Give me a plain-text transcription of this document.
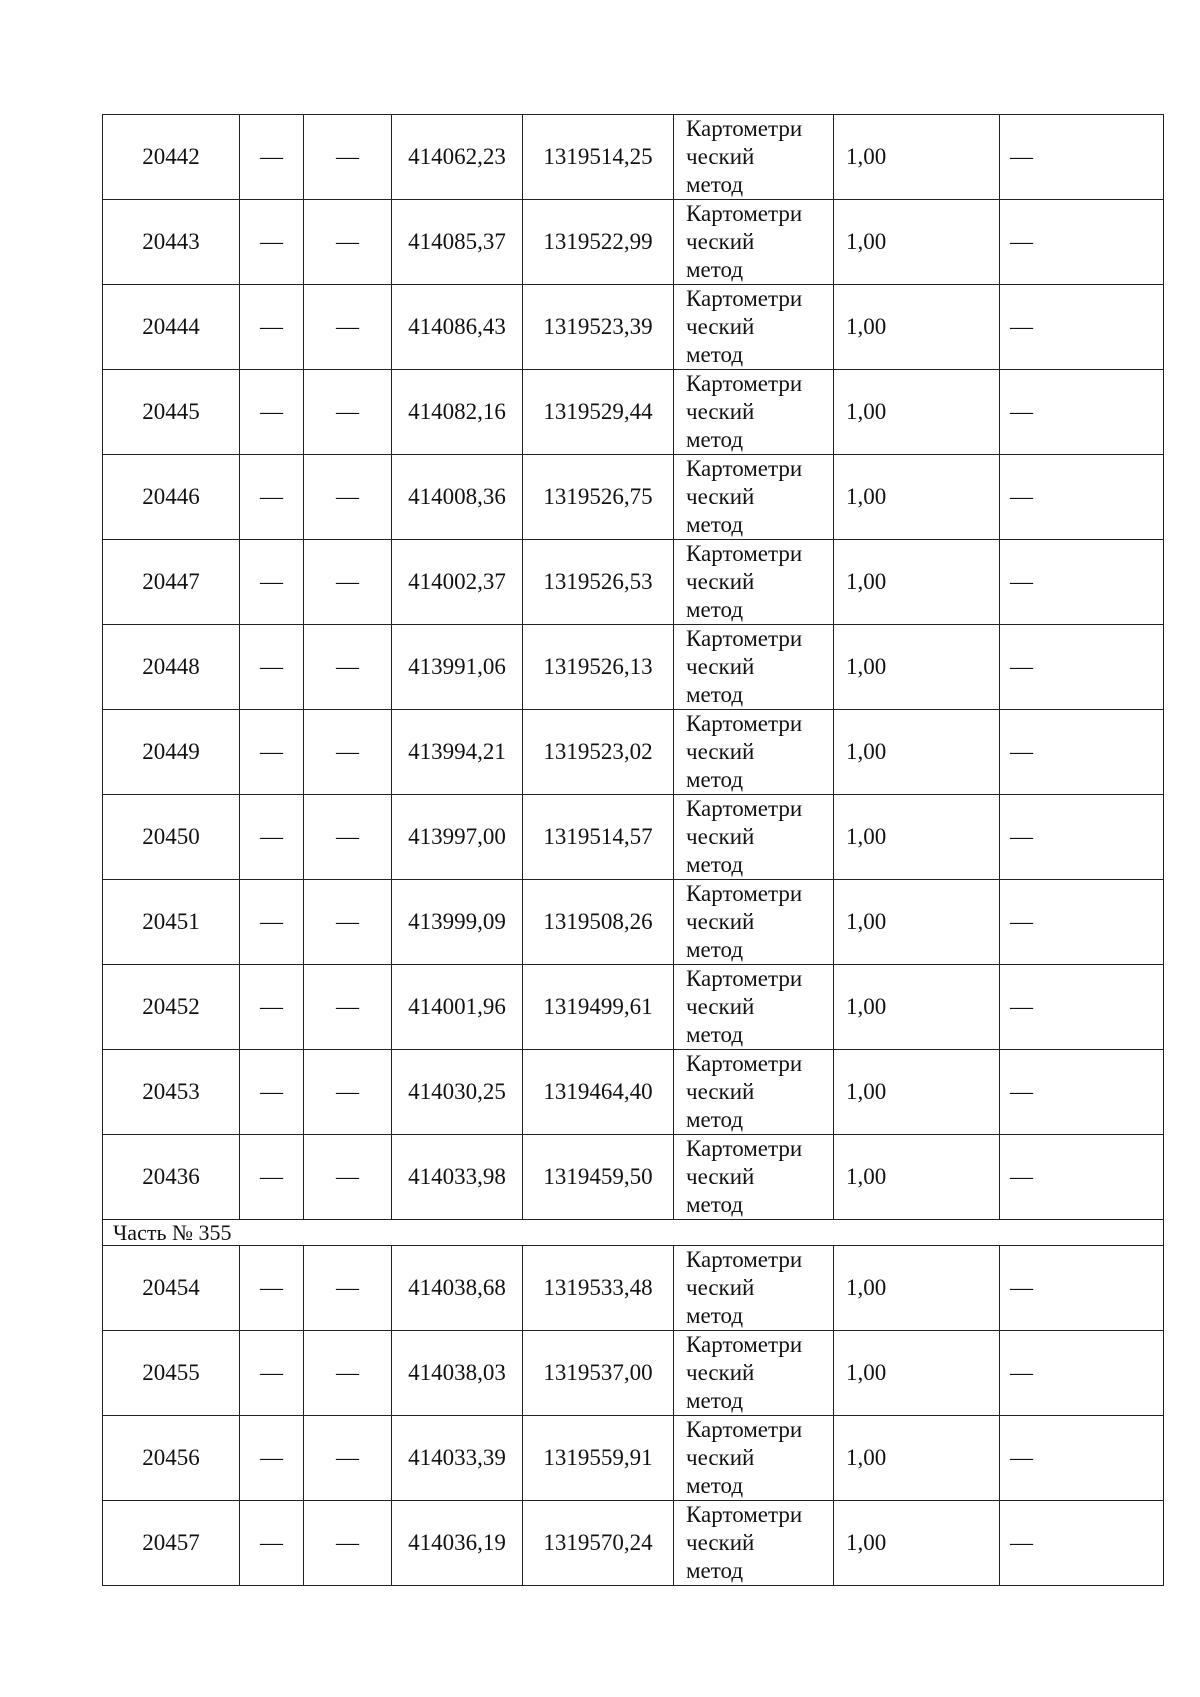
20442	—	—	414062,23	1319514,25	Картометри
ческий
метод	1,00	—
20443	—	—	414085,37	1319522,99	Картометри
ческий
метод	1,00	—
20444	—	—	414086,43	1319523,39	Картометри
ческий
метод	1,00	—
20445	—	—	414082,16	1319529,44	Картометри
ческий
метод	1,00	—
20446	—	—	414008,36	1319526,75	Картометри
ческий
метод	1,00	—
20447	—	—	414002,37	1319526,53	Картометри
ческий
метод	1,00	—
20448	—	—	413991,06	1319526,13	Картометри
ческий
метод	1,00	—
20449	—	—	413994,21	1319523,02	Картометри
ческий
метод	1,00	—
20450	—	—	413997,00	1319514,57	Картометри
ческий
метод	1,00	—
20451	—	—	413999,09	1319508,26	Картометри
ческий
метод	1,00	—
20452	—	—	414001,96	1319499,61	Картометри
ческий
метод	1,00	—
20453	—	—	414030,25	1319464,40	Картометри
ческий
метод	1,00	—
20436	—	—	414033,98	1319459,50	Картометри
ческий
метод	1,00	—
Часть № 355							
20454	—	—	414038,68	1319533,48	Картометри
ческий
метод	1,00	—
20455	—	—	414038,03	1319537,00	Картометри
ческий
метод	1,00	—
20456	—	—	414033,39	1319559,91	Картометри
ческий
метод	1,00	—
20457	—	—	414036,19	1319570,24	Картометри
ческий
метод	1,00	—
